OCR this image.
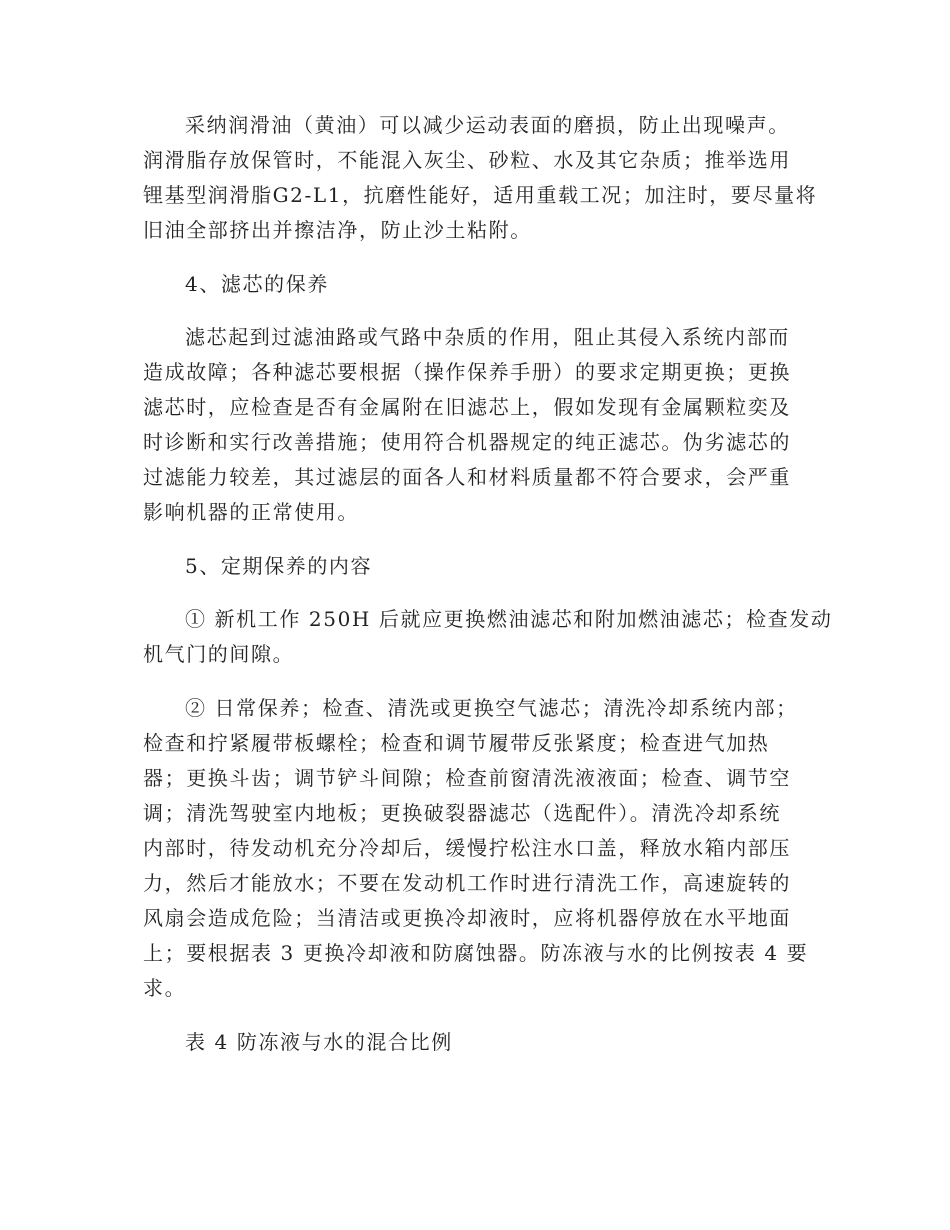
采纳润滑油（黄油）可以减少运动表面的磨损，防止出现噪声。
润滑脂存放保管时，不能混入灰尘、砂粒、水及其它杂质；推举选用
锂基型润滑脂G2-L1，抗磨性能好，适用重载工况；加注时，要尽量将
旧油全部挤出并擦洁净，防止沙土粘附。
4、滤芯的保养
滤芯起到过滤油路或气路中杂质的作用，阻止其侵入系统内部而
造成故障；各种滤芯要根据（操作保养手册）的要求定期更换；更换
滤芯时，应检查是否有金属附在旧滤芯上，假如发现有金属颗粒奕及
时诊断和实行改善措施；使用符合机器规定的纯正滤芯。伪劣滤芯的
过滤能力较差，其过滤层的面各人和材料质量都不符合要求，会严重
影响机器的正常使用。
5、定期保养的内容
① 新机工作 250H 后就应更换燃油滤芯和附加燃油滤芯；检查发动
机气门的间隙。
② 日常保养；检查、清洗或更换空气滤芯；清洗冷却系统内部；
检查和拧紧履带板螺栓；检查和调节履带反张紧度；检查进气加热
器；更换斗齿；调节铲斗间隙；检查前窗清洗液液面；检查、调节空
调；清洗驾驶室内地板；更换破裂器滤芯（选配件）。清洗冷却系统
内部时，待发动机充分冷却后，缓慢拧松注水口盖，释放水箱内部压
力，然后才能放水；不要在发动机工作时进行清洗工作，高速旋转的
风扇会造成危险；当清洁或更换冷却液时，应将机器停放在水平地面
上；要根据表 3 更换冷却液和防腐蚀器。防冻液与水的比例按表 4 要
求。
表 4 防冻液与水的混合比例
